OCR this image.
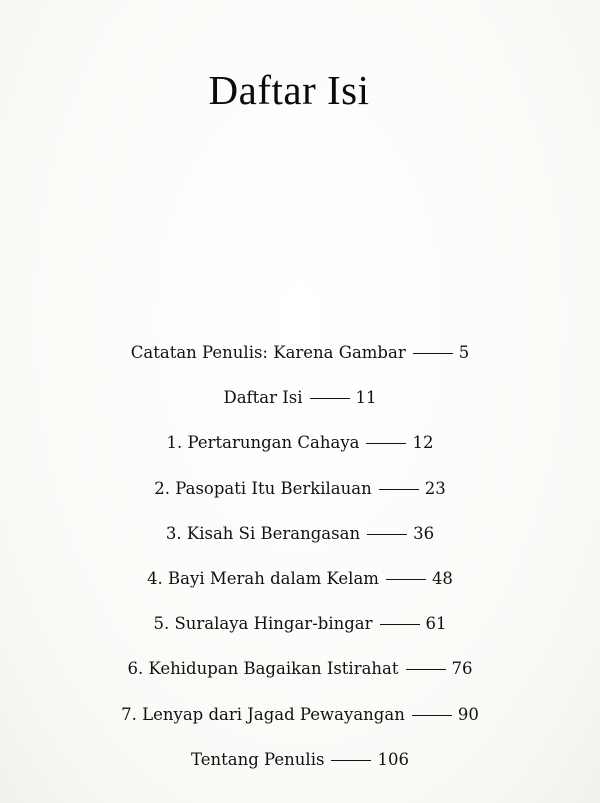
Daftar Isi
Catatan Penulis: Karena Gambar	5
Daftar Isi	11
1. Pertarungan Cahaya	12
2. Pasopati Itu Berkilauan	23
3. Kisah Si Berangasan	36
4. Bayi Merah dalam Kelam	48
5. Suralaya Hingar-bingar	61
6. Kehidupan Bagaikan Istirahat	76
7. Lenyap dari Jagad Pewayangan	90
Tentang Penulis	106
